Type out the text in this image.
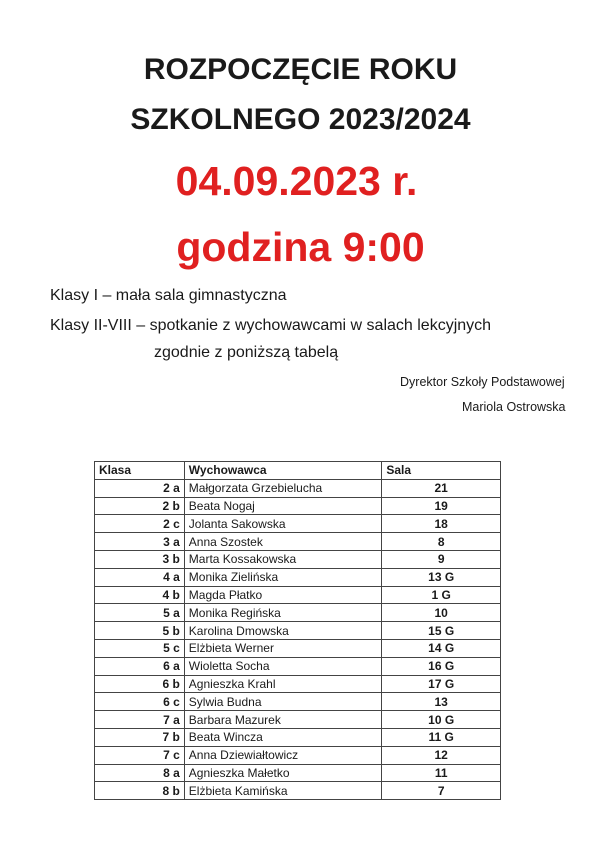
ROZPOCZĘCIE ROKU
SZKOLNEGO 2023/2024
04.09.2023 r.
godzina 9:00
Klasy I – mała sala gimnastyczna
Klasy II-VIII – spotkanie z wychowawcami w salach lekcyjnych
zgodnie z poniższą tabelą
Dyrektor Szkoły Podstawowej
Mariola Ostrowska
Klasa	Wychowawca	Sala
2 a	Małgorzata Grzebielucha	21
2 b	Beata Nogaj	19
2 c	Jolanta Sakowska	18
3 a	Anna Szostek	8
3 b	Marta Kossakowska	9
4 a	Monika Zielińska	13 G
4 b	Magda Płatko	1 G
5 a	Monika Regińska	10
5 b	Karolina Dmowska	15 G
5 c	Elżbieta Werner	14 G
6 a	Wioletta Socha	16 G
6 b	Agnieszka Krahl	17 G
6 c	Sylwia Budna	13
7 a	Barbara Mazurek	10 G
7 b	Beata Wincza	11 G
7 c	Anna Dziewiałtowicz	12
8 a	Agnieszka Małetko	11
8 b	Elżbieta Kamińska	7
